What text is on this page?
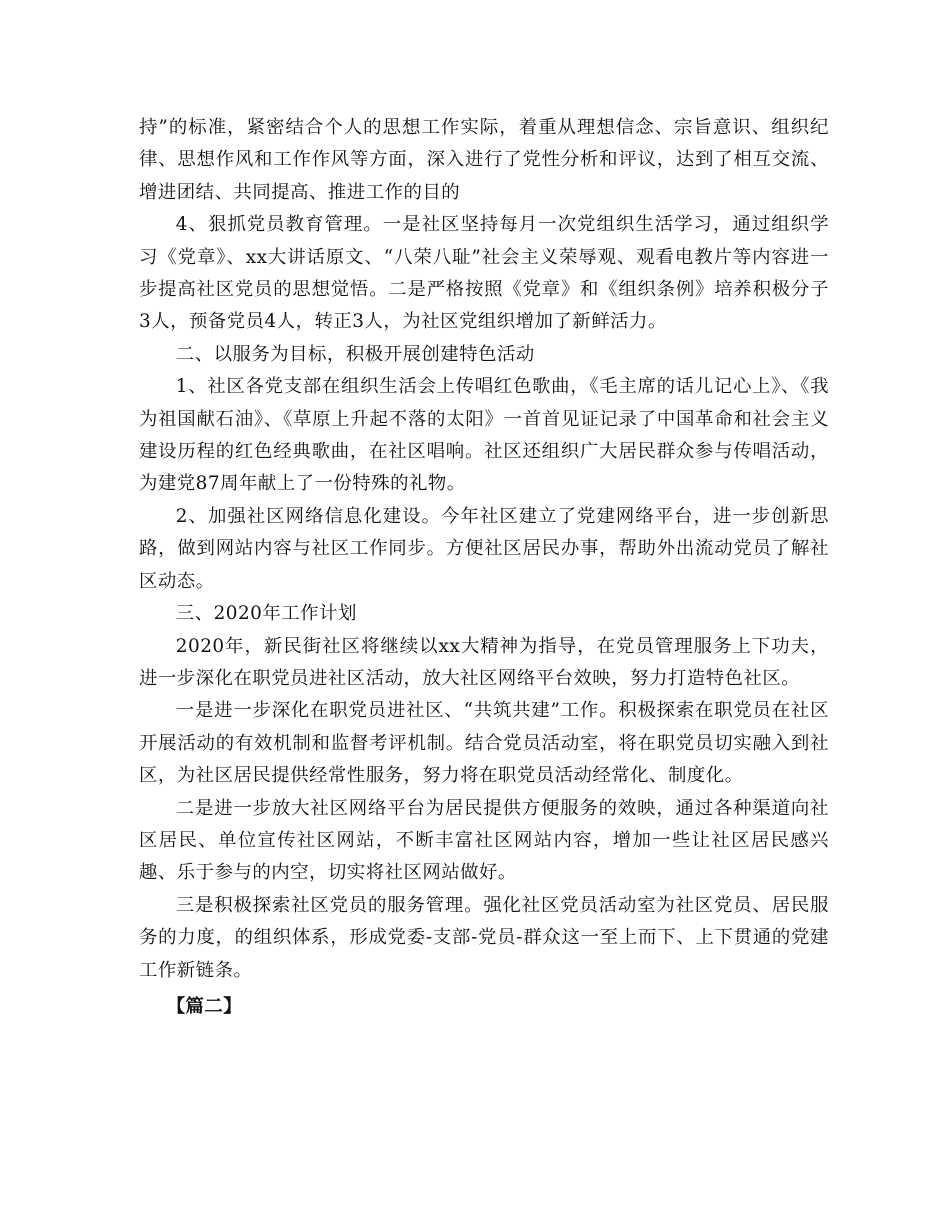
持”的标准，紧密结合个人的思想工作实际，着重从理想信念、宗旨意识、组织纪律、思想作风和工作作风等方面，深入进行了党性分析和评议，达到了相互交流、增进团结、共同提高、推进工作的目的

4、狠抓党员教育管理。一是社区坚持每月一次党组织生活学习，通过组织学习《党章》、xx大讲话原文、“八荣八耻”社会主义荣辱观、观看电教片等内容进一步提高社区党员的思想觉悟。二是严格按照《党章》和《组织条例》培养积极分子3人，预备党员4人，转正3人，为社区党组织增加了新鲜活力。

二、以服务为目标，积极开展创建特色活动

1、社区各党支部在组织生活会上传唱红色歌曲，《毛主席的话儿记心上》、《我为祖国献石油》、《草原上升起不落的太阳》一首首见证记录了中国革命和社会主义建设历程的红色经典歌曲，在社区唱响。社区还组织广大居民群众参与传唱活动，为建党87周年献上了一份特殊的礼物。

2、加强社区网络信息化建设。今年社区建立了党建网络平台，进一步创新思路，做到网站内容与社区工作同步。方便社区居民办事，帮助外出流动党员了解社区动态。

三、2020年工作计划

2020年，新民街社区将继续以xx大精神为指导，在党员管理服务上下功夫，进一步深化在职党员进社区活动，放大社区网络平台效映，努力打造特色社区。

一是进一步深化在职党员进社区、“共筑共建”工作。积极探索在职党员在社区开展活动的有效机制和监督考评机制。结合党员活动室，将在职党员切实融入到社区，为社区居民提供经常性服务，努力将在职党员活动经常化、制度化。

二是进一步放大社区网络平台为居民提供方便服务的效映，通过各种渠道向社区居民、单位宣传社区网站，不断丰富社区网站内容，增加一些让社区居民感兴趣、乐于参与的内空，切实将社区网站做好。

三是积极探索社区党员的服务管理。强化社区党员活动室为社区党员、居民服务的力度，的组织体系，形成党委-支部-党员-群众这一至上而下、上下贯通的党建工作新链条。

【篇二】
